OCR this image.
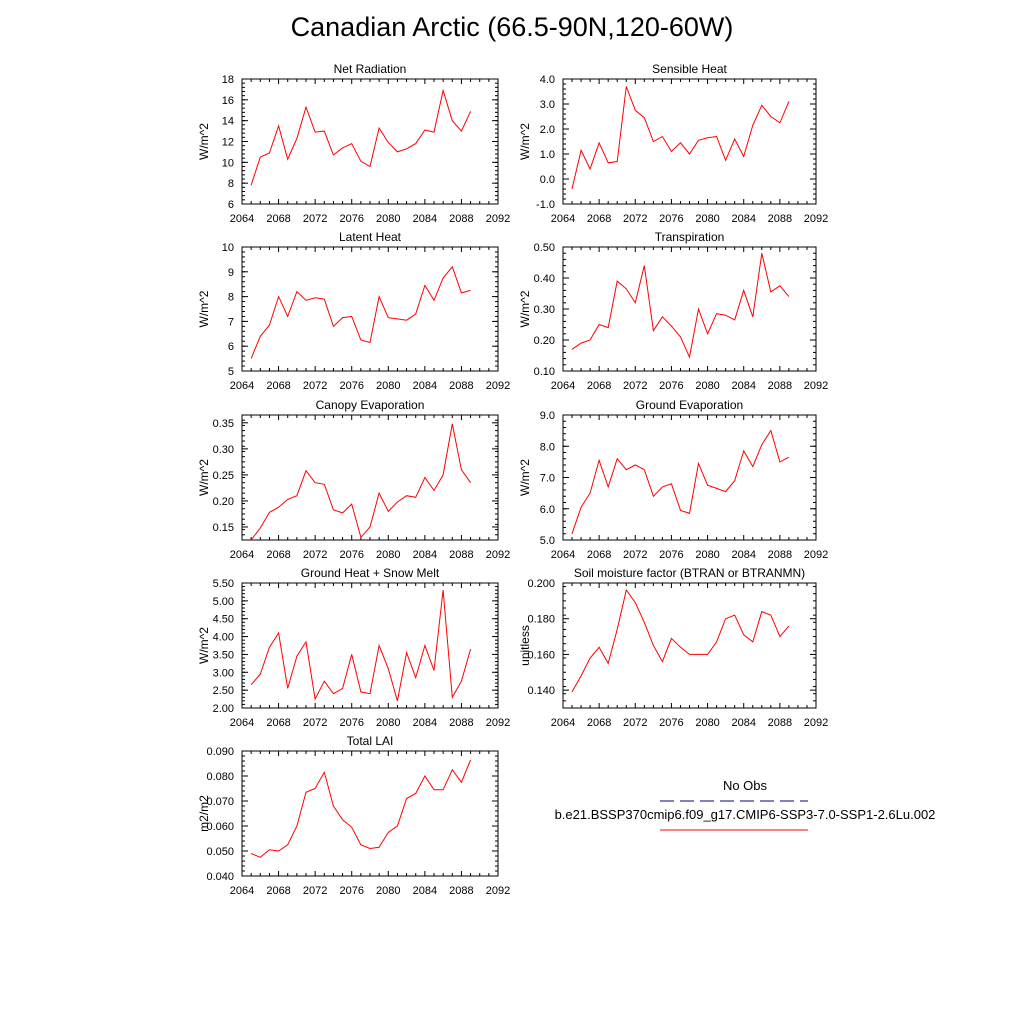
Canadian Arctic (66.5-90N,120-60W)
Net Radiation
W/m^2
2064 2068 2072 2076 2080 2084 2088 2092
6
8
10
12
14
16
18
Sensible Heat
W/m^2
2064 2068 2072 2076 2080 2084 2088 2092
-1.0
0.0
1.0
2.0
3.0
4.0
Latent Heat
W/m^2
2064 2068 2072 2076 2080 2084 2088 2092
5
6
7
8
9
10
Transpiration
W/m^2
2064 2068 2072 2076 2080 2084 2088 2092
0.10
0.20
0.30
0.40
0.50
Canopy Evaporation
W/m^2
2064 2068 2072 2076 2080 2084 2088 2092
0.15
0.20
0.25
0.30
0.35
Ground Evaporation
W/m^2
2064 2068 2072 2076 2080 2084 2088 2092
5.0
6.0
7.0
8.0
9.0
Ground Heat + Snow Melt
W/m^2
2064 2068 2072 2076 2080 2084 2088 2092
2.00
2.50
3.00
3.50
4.00
4.50
5.00
5.50
Soil moisture factor (BTRAN or BTRANMN)
unitless
2064 2068 2072 2076 2080 2084 2088 2092
0.140
0.160
0.180
0.200
Total LAI
m2/m2
2064 2068 2072 2076 2080 2084 2088 2092
0.040
0.050
0.060
0.070
0.080
0.090
No Obs
b.e21.BSSP370cmip6.f09_g17.CMIP6-SSP3-7.0-SSP1-2.6Lu.002
